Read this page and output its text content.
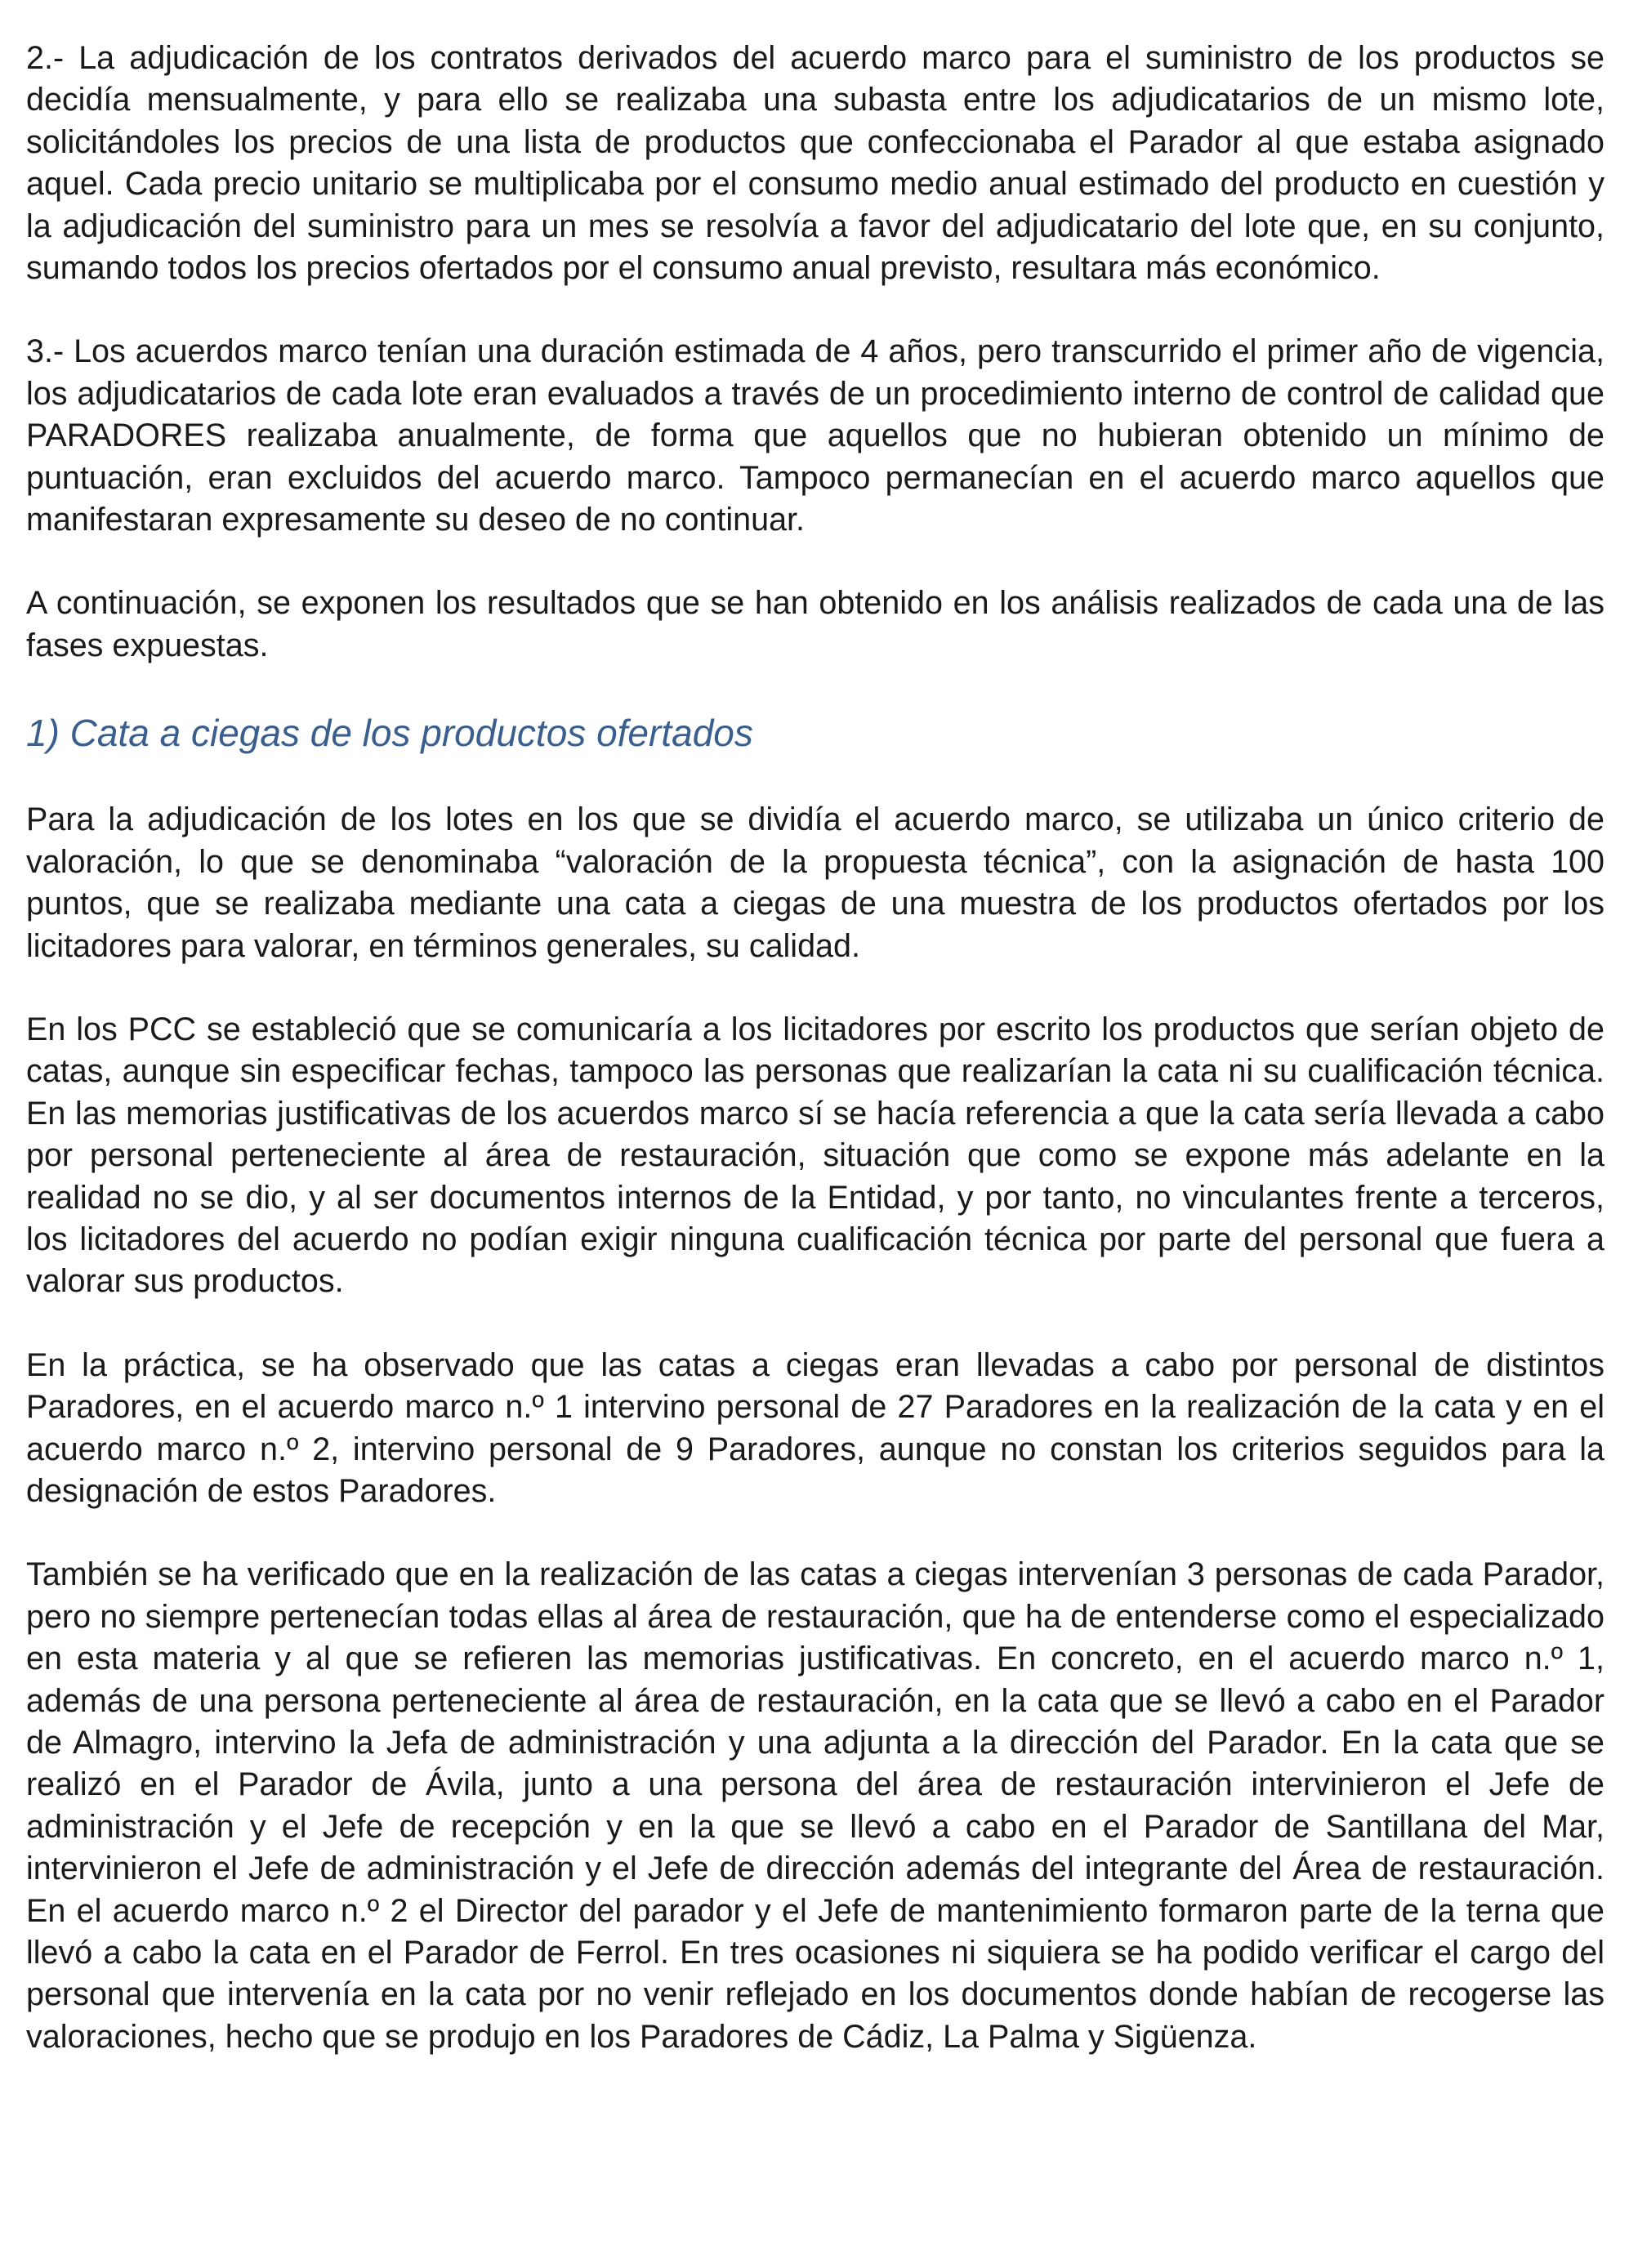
2.- La adjudicación de los contratos derivados del acuerdo marco para el suministro de los productos se decidía mensualmente, y para ello se realizaba una subasta entre los adjudicatarios de un mismo lote, solicitándoles los precios de una lista de productos que confeccionaba el Parador al que estaba asignado aquel. Cada precio unitario se multiplicaba por el consumo medio anual estimado del producto en cuestión y la adjudicación del suministro para un mes se resolvía a favor del adjudicatario del lote que, en su conjunto, sumando todos los precios ofertados por el consumo anual previsto, resultara más económico.

3.- Los acuerdos marco tenían una duración estimada de 4 años, pero transcurrido el primer año de vigencia, los adjudicatarios de cada lote eran evaluados a través de un procedimiento interno de control de calidad que PARADORES realizaba anualmente, de forma que aquellos que no hubieran obtenido un mínimo de puntuación, eran excluidos del acuerdo marco. Tampoco permanecían en el acuerdo marco aquellos que manifestaran expresamente su deseo de no continuar.

A continuación, se exponen los resultados que se han obtenido en los análisis realizados de cada una de las fases expuestas.

1) Cata a ciegas de los productos ofertados

Para la adjudicación de los lotes en los que se dividía el acuerdo marco, se utilizaba un único criterio de valoración, lo que se denominaba “valoración de la propuesta técnica”, con la asignación de hasta 100 puntos, que se realizaba mediante una cata a ciegas de una muestra de los productos ofertados por los licitadores para valorar, en términos generales, su calidad.

En los PCC se estableció que se comunicaría a los licitadores por escrito los productos que serían objeto de catas, aunque sin especificar fechas, tampoco las personas que realizarían la cata ni su cualificación técnica. En las memorias justificativas de los acuerdos marco sí se hacía referencia a que la cata sería llevada a cabo por personal perteneciente al área de restauración, situación que como se expone más adelante en la realidad no se dio, y al ser documentos internos de la Entidad, y por tanto, no vinculantes frente a terceros, los licitadores del acuerdo no podían exigir ninguna cualificación técnica por parte del personal que fuera a valorar sus productos.

En la práctica, se ha observado que las catas a ciegas eran llevadas a cabo por personal de distintos Paradores, en el acuerdo marco n.º 1 intervino personal de 27 Paradores en la realización de la cata y en el acuerdo marco n.º 2, intervino personal de 9 Paradores, aunque no constan los criterios seguidos para la designación de estos Paradores.

También se ha verificado que en la realización de las catas a ciegas intervenían 3 personas de cada Parador, pero no siempre pertenecían todas ellas al área de restauración, que ha de entenderse como el especializado en esta materia y al que se refieren las memorias justificativas. En concreto, en el acuerdo marco n.º 1, además de una persona perteneciente al área de restauración, en la cata que se llevó a cabo en el Parador de Almagro, intervino la Jefa de administración y una adjunta a la dirección del Parador. En la cata que se realizó en el Parador de Ávila, junto a una persona del área de restauración intervinieron el Jefe de administración y el Jefe de recepción y en la que se llevó a cabo en el Parador de Santillana del Mar, intervinieron el Jefe de administración y el Jefe de dirección además del integrante del Área de restauración. En el acuerdo marco n.º 2 el Director del parador y el Jefe de mantenimiento formaron parte de la terna que llevó a cabo la cata en el Parador de Ferrol. En tres ocasiones ni siquiera se ha podido verificar el cargo del personal que intervenía en la cata por no venir reflejado en los documentos donde habían de recogerse las valoraciones, hecho que se produjo en los Paradores de Cádiz, La Palma y Sigüenza.
